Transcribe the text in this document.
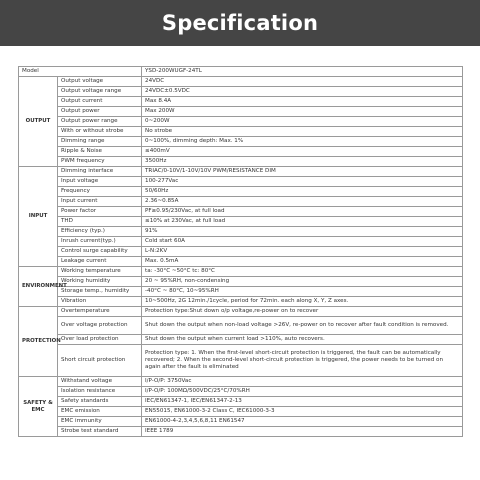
Specification
Model		YSD-200WUGF-24TL
OUTPUT	Output voltage	24VDC
	Output voltage range	24VDC±0.5VDC
	Output current	Max 8.4A
	Output power	Max 200W
	Output power range	0~200W
	With or without strobe	No strobe
	Dimming range	0~100%, dimming depth: Max. 1%
	Ripple & Noise	≤400mV
	PWM frequency	3500Hz
INPUT	Dimming interface	TRIAC/0-10V/1-10V/10V PWM/RESISTANCE DIM
	Input voltage	100-277Vac
	Frequency	50/60Hz
	Input current	2.36~0.85A
	Power factor	PF≥0.95/230Vac, at full load
	THD	≤10% at 230Vac, at full load
	Efficiency (typ.)	91%
	Inrush current(typ.)	Cold start 60A
	Control surge capability	L-N:2KV
	Leakage current	Max. 0.5mA
ENVIRONMENT	Working temperature	ta: -30°C ~50°C tc: 80°C
	Working humidity	20 ~ 95%RH, non-condensing
	Storage temp., humidity	-40°C ~ 80°C, 10~95%RH
	Vibration	10~500Hz, 2G 12min./1cycle, period for 72min. each along X, Y, Z axes.
PROTECTION	Overtemperature	Protection type:Shut down o/p voltage,re-power on to recover
	Over voltage protection	Shut down the output when non-load voltage >26V, re-power on to recover after fault condition is removed.
	Over load protection	Shut down the output when current load >110%, auto recovers.
	Short circuit protection	Protection type: 1. When the first-level short-circuit protection is triggered, the fault can be automatically recovered; 2. When the second-level short-circuit protection is triggered, the power needs to be turned on again after the fault is eliminated
SAFETY & EMC	Withstand voltage	I/P-O/P: 3750Vac
	Isolation resistance	I/P-O/P: 100MΩ/500VDC/25°C/70%RH
	Safety standards	IEC/EN61347-1, IEC/EN61347-2-13
	EMC emission	EN55015, EN61000-3-2 Class C, IEC61000-3-3
	EMC immunity	EN61000-4-2,3,4,5,6,8,11 EN61547
	Strobe test standard	IEEE 1789
